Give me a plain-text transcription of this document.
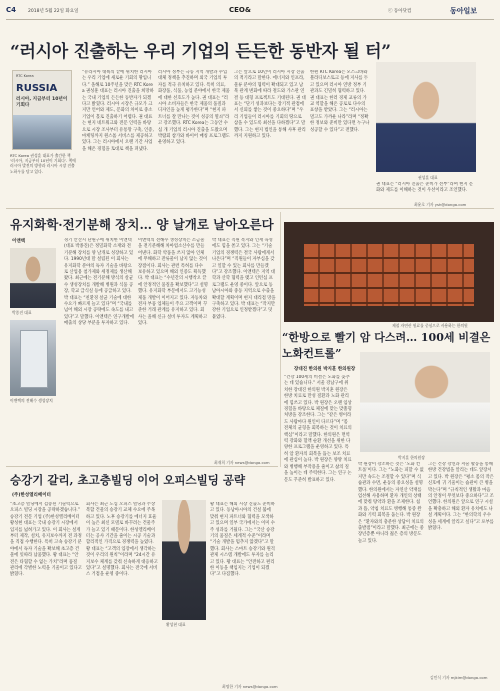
C4	2018년 5월 22일 화요일	CEO&	ⓒ 동아닷컴	동아일보
“러시아 진출하는 우리 기업의 든든한 동반자 될 터”
RTC Korea
RUSSIA
러시아, 지금부터 10년이 기회다
RTC Korea 권성훈 대표가 출간한 책 ‘러시아, 지금부터 10년이 기회다’. 책에 러시아 발전의 방향과 러시아 시장 진출 노하우를 담고 있다.
“유라시아 대륙의 끝에 위치한 러시아는 우리 기업에 새로운 기회의 땅입니다.” 올해로 10주년을 맞은 RTC Korea 권성훈 대표는 러시아 진출을 희망하는 국내 기업의 든든한 동반자가 되겠다고 밝혔다. 러시아 시장은 규모가 크지만 언어와 제도, 문화의 차이로 중소기업이 홀로 진출하기 어렵다. 권 대표는 현지 네트워크와 전문 인력을 바탕으로 시장 조사부터 유통망 구축, 인증, 마케팅까지 원스톱 서비스를 제공하고 있다. 그는 러시아에서 오랜 기간 사업을 해온 경험을 토대로 책을 펴냈다.
러시아 정부는 극동 지역 개발과 수입 대체 정책을 추진하며 외국 기업의 투자를 적극 유치하고 있다. 특히 의료, 화장품, 식품, 농업 분야에서 한국 제품에 대한 선호도가 높다. 권 대표는 “러시아 소비자들은 한국 제품의 품질과 디자인을 높게 평가한다”며 “현지 파트너를 잘 만나는 것이 성공의 열쇠”라고 강조했다. RTC Korea는 그동안 수십 개 기업의 러시아 진출을 도왔으며 박람회 참가와 바이어 매칭 프로그램도 운영하고 있다.
그는 앞으로 10년이 러시아 시장 진출의 적기라고 말한다. 에너지와 인프라, 물류 분야의 협력이 확대되고 있고 남북 관계 변화에 따라 철도와 가스관 연결 등 대형 프로젝트도 기대된다. 권 대표는 “단기 성과보다는 장기적 관점에서 신뢰를 쌓는 것이 중요하다”며 “우리 기업들이 러시아를 기회의 땅으로 삼을 수 있도록 최선을 다하겠다”고 말했다. 그는 현지 법인을 통해 사후 관리까지 지원하고 있다.
한편 RTC Korea는 모스크바와 블라디보스토크 등에 지사를 두고 있으며 러시아 연방 정부 기관과도 긴밀히 협력하고 있다. 권 대표는 한러 경제 교류의 가교 역할을 해온 공로로 다수의 표창을 받았다. 그는 “러시아는 멀고도 가까운 나라”라며 “정확한 정보와 준비만 있다면 누구나 성공할 수 있다”고 전했다.
권성훈 대표
권 대표는 “러시아 진출은 준비가 전부”라며 현지 문화와 제도를 이해하는 것이 우선이라고 조언했다.
최윤호 기자 ysh@donga.com
유지화학·전기분해 장치… 양 날개로 날아오른다
이앤텍
박종진 대표
이앤텍의 전해수 생성장치
경기 안산시 단원구에 위치한 이앤텍(대표 박종진)은 정밀화학 소재와 전기분해 장치를 양 날개로 성장하고 있다. 1990년대 말 설립된 이 회사는 유지화학 분야의 독자 기술을 바탕으로 산업용 첨가제와 세정제를 생산해 왔다. 최근에는 전기분해 방식의 살균수 생성장치를 개발해 병원과 식품 공장, 학교 급식실 등에 공급하고 있다. 박 대표는 “친환경 살균 기술에 대한 수요가 빠르게 늘고 있다”며 “국내를 넘어 해외 시장 공략에도 속도를 내고 있다”고 말했다. 이앤텍은 연구개발에 매출의 상당 부분을 투자하고 있다.
이앤텍의 전해수 생성장치는 소금물을 전기분해해 차아염소산수를 만들어낸다. 화학 약품을 쓰지 않아 인체에 무해하고 잔류물이 남지 않는 것이 장점이다. 회사는 관련 특허를 다수 보유하고 있으며 해외 인증도 획득했다. 박 대표는 “수년간의 시행착오 끝에 안정적인 품질을 확보했다”고 설명했다. 유지화학 부문에서도 고기능성 제품 개발이 이어지고 있다. 자동차와 전자 부품 업체들이 주요 고객이며 꾸준한 거래 관계를 유지하고 있다. 회사는 올해 신규 설비 투자도 계획하고 있다.
박 대표는 직원 복지와 인재 육성에도 힘을 쏟고 있다. 그는 “기술 기업의 경쟁력은 결국 사람에게서 나온다”며 “직원들이 자부심을 갖고 일할 수 있는 회사를 만들겠다”고 강조했다. 이앤텍은 지역 대학과 산학 협력을 맺고 인턴십 프로그램도 운영 중이다. 앞으로 동남아시아와 중동 지역으로 수출을 확대할 계획이며 현지 대리점 망을 구축하고 있다. 박 대표는 “작지만 강한 기업으로 인정받겠다”고 덧붙였다.
최재희 기자 news@donga.com
제철 자연산 원료를 중심으로 사용하는 한의원
“한방으로 빨기 암 다스려… 100세 비결은 노화컨트롤”
장대진 한의원 박지훈 한의원장
“건강 100세의 비결은 노화를 늦추는 데 있습니다.” 서울 강남구에 위치한 장대진 한의원 박지훈 원장은 한방 치료로 만성 질환과 노화 관리에 힘쓰고 있다. 박 원장은 오랜 임상 경험을 바탕으로 체질에 맞는 맞춤형 처방을 강조한다. 그는 “같은 병이라도 사람마다 원인이 다르다”며 “몸 전체의 균형을 회복하는 것이 치료의 핵심”이라고 말했다. 한의원은 면역력 강화와 혈액 순환 개선을 위한 다양한 프로그램을 운영하고 있다. 특히 암 환자의 회복을 돕는 보조 치료에 관심이 높다. 박 원장은 양방 치료와 병행해 부작용을 줄이고 삶의 질을 높이는 데 주력한다. 그는 연구 논문도 꾸준히 발표하고 있다.
박지훈 한의원장
박 원장이 강조하는 것은 ‘노화 컨트롤’이다. 그는 “노화는 피할 수 없지만 속도는 조절할 수 있다”며 식습관과 수면, 운동의 중요성을 설명했다. 한의원에서는 자연산 약재를 엄선해 사용하며 환자 개인의 상태에 맞춰 탕약과 환을 조제한다. 침과 뜸, 약침 치료도 병행해 통증 완화와 기력 회복을 돕는다. 박 원장은 “환자와의 충분한 상담이 치료의 출발점”이라고 말했다. 최근에는 중장년층뿐 아니라 젊은 층의 방문도 늘고 있다.
그는 건강 강연과 저술 활동을 통해 한방 건강법을 알리는 데도 앞장서고 있다. 박 원장은 “평소 몸의 작은 신호에 귀 기울이는 습관이 큰 병을 막는다”며 “규칙적인 생활과 마음의 안정이 무엇보다 중요하다”고 조언했다. 한의원은 앞으로 연구 시설을 확충하고 해외 환자 유치에도 나설 계획이다. 그는 “한의학의 우수성을 세계에 알리고 싶다”고 포부를 밝혔다.
김민식 기자 mjkim@donga.com
승강기 갈리, 초고층빌딩 이어 오피스빌딩 공략
(주)한성엘리베이터
“초고층 빌딩에서 검증된 기술력으로 오피스 빌딩 시장을 공략하겠습니다.” 승강기 전문 기업 (주)한성엘리베이터 황성현 대표는 국내 승강기 시장에서 입지를 넓혀가고 있다. 이 회사는 설계부터 제작, 설치, 유지보수까지 전 과정을 직접 수행한다. 특히 고속 승강기 분야에서 독자 기술을 확보해 초고층 건물에 잇따라 납품했다. 황 대표는 “안전은 타협할 수 없는 가치”라며 품질 관리에 각별한 노력을 기울이고 있다고 밝혔다.
회사는 최근 도심 오피스 빌딩과 주상복합 건물의 승강기 교체 수요에 주목하고 있다. 노후 승강기를 에너지 효율이 높은 최신 모델로 바꾸려는 건물주가 늘고 있기 때문이다. 한성엘리베이터는 공사 기간을 줄이는 시공 기술과 합리적인 가격으로 경쟁력을 높였다. 황 대표는 “고객의 입장에서 생각하는 것이 우리의 원칙”이라며 “24시간 유지보수 체계를 갖춰 신속하게 대응하고 있다”고 설명했다. 회사는 전국에 서비스 거점을 운영 중이다.
황성현 대표
황 대표는 해외 시장 진출도 준비하고 있다. 동남아시아의 건설 붐에 맞춰 현지 파트너와 협력을 모색하고 있으며 일부 국가에서는 이미 수주 성과를 거뒀다. 그는 “국산 승강기의 품질은 세계적 수준”이라며 “기술 개발을 멈추지 않겠다”고 말했다. 회사는 스마트 승강기와 원격 관제 시스템 개발에도 투자를 늘리고 있다. 황 대표는 “안전하고 편리한 이동을 책임지는 기업이 되겠다”고 다짐했다.
최명한 기자 news@donga.com
